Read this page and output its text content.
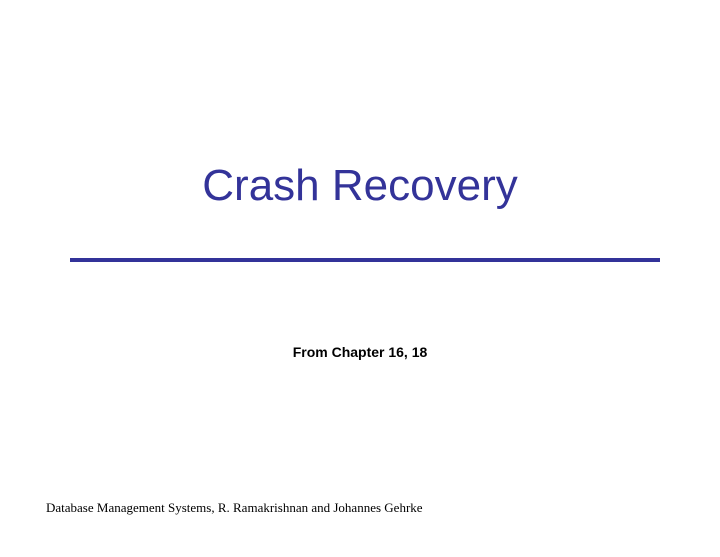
Crash Recovery
From Chapter 16, 18
Database Management Systems, R. Ramakrishnan and Johannes Gehrke
